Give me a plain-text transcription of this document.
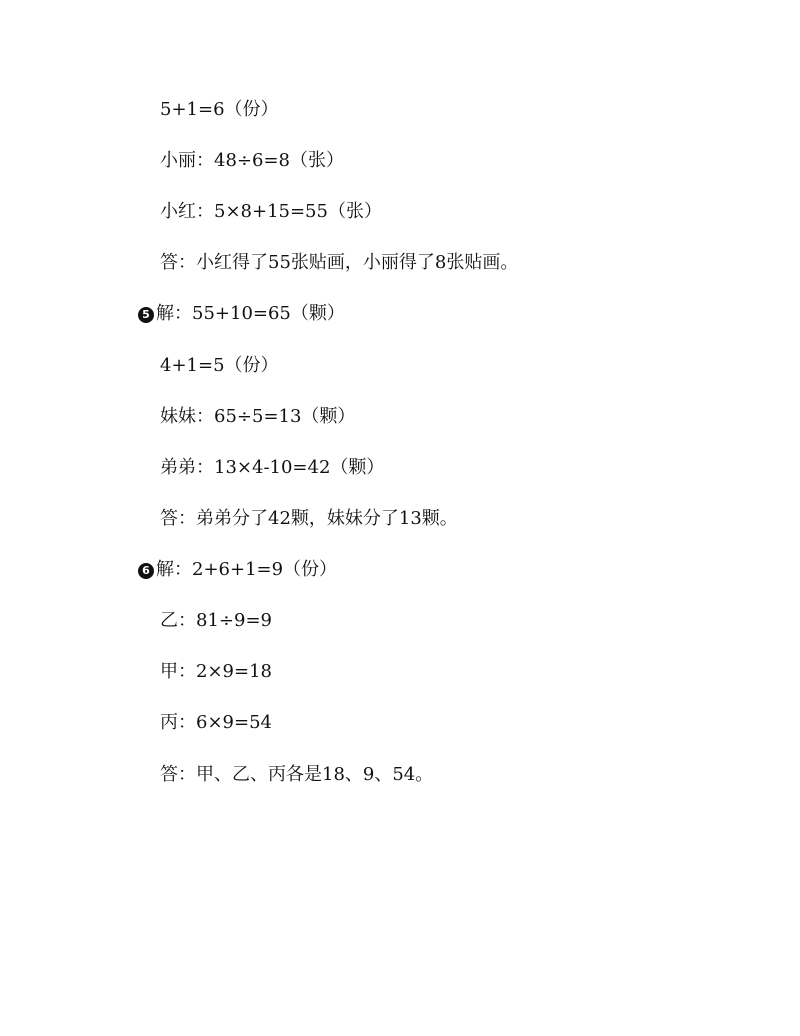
5+1=6（份）
小丽：48÷6=8（张）
小红：5×8+15=55（张）
答：小红得了55张贴画，小丽得了8张贴画。
5 解：55+10=65（颗）
4+1=5（份）
妹妹：65÷5=13（颗）
弟弟：13×4-10=42（颗）
答：弟弟分了42颗，妹妹分了13颗。
6 解：2+6+1=9（份）
乙：81÷9=9
甲：2×9=18
丙：6×9=54
答：甲、乙、丙各是18、9、54。
